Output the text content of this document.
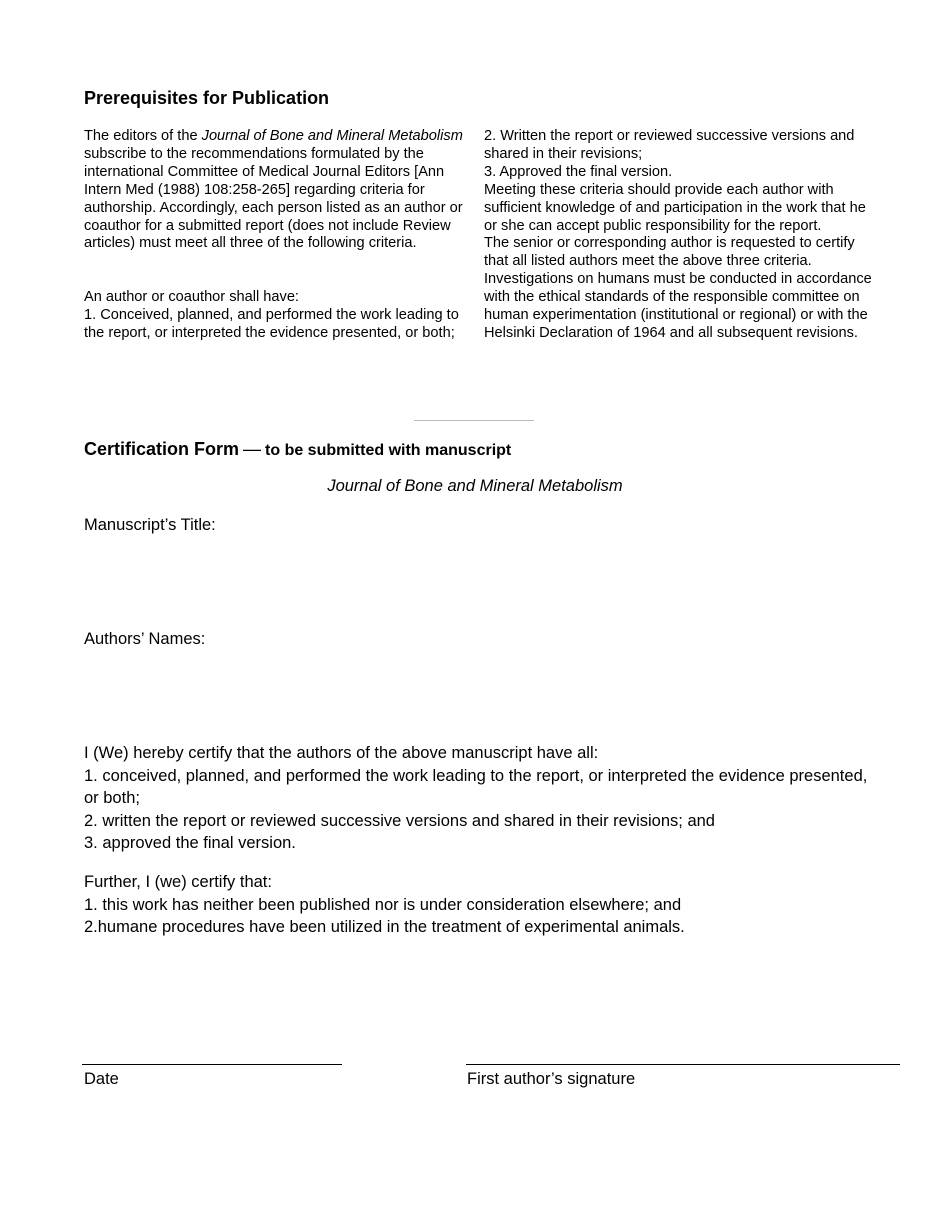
Prerequisites for Publication

The editors of the Journal of Bone and Mineral Metabolism subscribe to the recommendations formulated by the international Committee of Medical Journal Editors [Ann Intern Med (1988) 108:258-265] regarding criteria for authorship. Accordingly, each person listed as an author or coauthor for a submitted report (does not include Review articles) must meet all three of the following criteria.

An author or coauthor shall have:

1. Conceived, planned, and performed the work leading to the report, or interpreted the evidence presented, or both;

2. Written the report or reviewed successive versions and shared in their revisions;

3. Approved the final version.

Meeting these criteria should provide each author with sufficient knowledge of and participation in the work that he or she can accept public responsibility for the report.

The senior or corresponding author is requested to certify that all listed authors meet the above three criteria.

Investigations on humans must be conducted in accordance with the ethical standards of the responsible committee on human experimentation (institutional or regional) or with the Helsinki Declaration of 1964 and all subsequent revisions.

Certification Form — to be submitted with manuscript
Journal of Bone and Mineral Metabolism
Manuscript’s Title:
Authors’ Names:

I (We) hereby certify that the authors of the above manuscript have all:

1. conceived, planned, and performed the work leading to the report, or interpreted the evidence presented, or both;

2. written the report or reviewed successive versions and shared in their revisions; and

3. approved the final version.

Further, I (we) certify that:

1. this work has neither been published nor is under consideration elsewhere; and

2.humane procedures have been utilized in the treatment of experimental animals.

Date	First author’s signature
